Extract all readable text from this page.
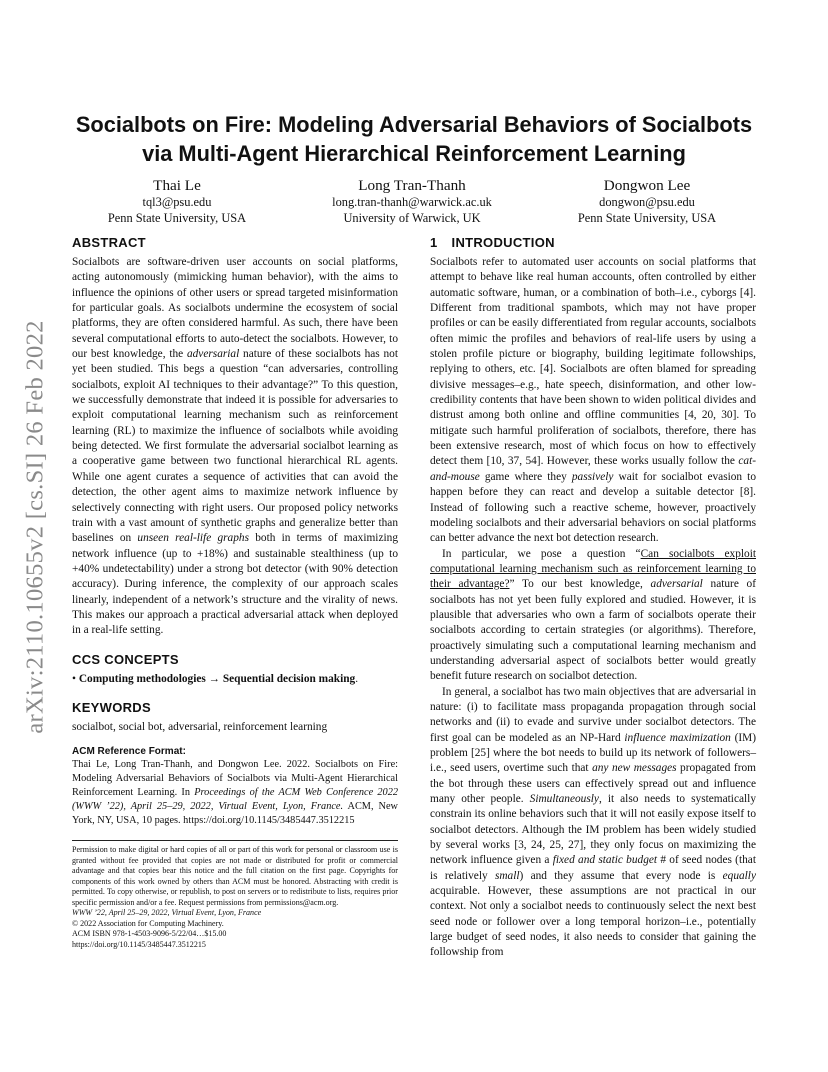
arXiv:2110.10655v2 [cs.SI] 26 Feb 2022
Socialbots on Fire: Modeling Adversarial Behaviors of Socialbots
via Multi-Agent Hierarchical Reinforcement Learning
Thai Le
tql3@psu.edu
Penn State University, USA
Long Tran-Thanh
long.tran-thanh@warwick.ac.uk
University of Warwick, UK
Dongwon Lee
dongwon@psu.edu
Penn State University, USA
ABSTRACT

Socialbots are software-driven user accounts on social platforms, acting autonomously (mimicking human behavior), with the aims to influence the opinions of other users or spread targeted misinformation for particular goals. As socialbots undermine the ecosystem of social platforms, they are often considered harmful. As such, there have been several computational efforts to auto-detect the socialbots. However, to our best knowledge, the adversarial nature of these socialbots has not yet been studied. This begs a question “can adversaries, controlling socialbots, exploit AI techniques to their advantage?” To this question, we successfully demonstrate that indeed it is possible for adversaries to exploit computational learning mechanism such as reinforcement learning (RL) to maximize the influence of socialbots while avoiding being detected. We first formulate the adversarial socialbot learning as a cooperative game between two functional hierarchical RL agents. While one agent curates a sequence of activities that can avoid the detection, the other agent aims to maximize network influence by selectively connecting with right users. Our proposed policy networks train with a vast amount of synthetic graphs and generalize better than baselines on unseen real-life graphs both in terms of maximizing network influence (up to +18%) and sustainable stealthiness (up to +40% undetectability) under a strong bot detector (with 90% detection accuracy). During inference, the complexity of our approach scales linearly, independent of a network’s structure and the virality of news. This makes our approach a practical adversarial attack when deployed in a real-life setting.

CCS CONCEPTS

• Computing methodologies → Sequential decision making.

KEYWORDS

socialbot, social bot, adversarial, reinforcement learning

ACM Reference Format:

Thai Le, Long Tran-Thanh, and Dongwon Lee. 2022. Socialbots on Fire: Modeling Adversarial Behaviors of Socialbots via Multi-Agent Hierarchical Reinforcement Learning. In Proceedings of the ACM Web Conference 2022 (WWW ’22), April 25–29, 2022, Virtual Event, Lyon, France. ACM, New York, NY, USA, 10 pages. https://doi.org/10.1145/3485447.3512215

Permission to make digital or hard copies of all or part of this work for personal or classroom use is granted without fee provided that copies are not made or distributed for profit or commercial advantage and that copies bear this notice and the full citation on the first page. Copyrights for components of this work owned by others than ACM must be honored. Abstracting with credit is permitted. To copy otherwise, or republish, to post on servers or to redistribute to lists, requires prior specific permission and/or a fee. Request permissions from permissions@acm.org.

WWW ’22, April 25–29, 2022, Virtual Event, Lyon, France
© 2022 Association for Computing Machinery.
ACM ISBN 978-1-4503-9096-5/22/04…$15.00
https://doi.org/10.1145/3485447.3512215
1 INTRODUCTION

Socialbots refer to automated user accounts on social platforms that attempt to behave like real human accounts, often controlled by either automatic software, human, or a combination of both–i.e., cyborgs [4]. Different from traditional spambots, which may not have proper profiles or can be easily differentiated from regular accounts, socialbots often mimic the profiles and behaviors of real-life users by using a stolen profile picture or biography, building legitimate followships, replying to others, etc. [4]. Socialbots are often blamed for spreading divisive messages–e.g., hate speech, disinformation, and other low-credibility contents that have been shown to widen political divides and distrust among both online and offline communities [4, 20, 30]. To mitigate such harmful proliferation of socialbots, therefore, there has been extensive research, most of which focus on how to effectively detect them [10, 37, 54]. However, these works usually follow the cat-and-mouse game where they passively wait for socialbot evasion to happen before they can react and develop a suitable detector [8]. Instead of following such a reactive scheme, however, proactively modeling socialbots and their adversarial behaviors on social platforms can better advance the next bot detection research.

In particular, we pose a question “Can socialbots exploit computational learning mechanism such as reinforcement learning to their advantage?” To our best knowledge, adversarial nature of socialbots has not yet been fully explored and studied. However, it is plausible that adversaries who own a farm of socialbots operate their socialbots according to certain strategies (or algorithms). Therefore, proactively simulating such a computational learning mechanism and understanding adversarial aspect of socialbots better would greatly benefit future research on socialbot detection.

In general, a socialbot has two main objectives that are adversarial in nature: (i) to facilitate mass propaganda propagation through social networks and (ii) to evade and survive under socialbot detectors. The first goal can be modeled as an NP-Hard influence maximization (IM) problem [25] where the bot needs to build up its network of followers–i.e., seed users, overtime such that any new messages propagated from the bot through these users can effectively spread out and influence many other people. Simultaneously, it also needs to systematically constrain its online behaviors such that it will not easily expose itself to socialbot detectors. Although the IM problem has been widely studied by several works [3, 24, 25, 27], they only focus on maximizing the network influence given a fixed and static budget # of seed nodes (that is relatively small) and they assume that every node is equally acquirable. However, these assumptions are not practical in our context. Not only a socialbot needs to continuously select the next best seed node or follower over a long temporal horizon–i.e., potentially large budget of seed nodes, it also needs to consider that gaining the followship from
